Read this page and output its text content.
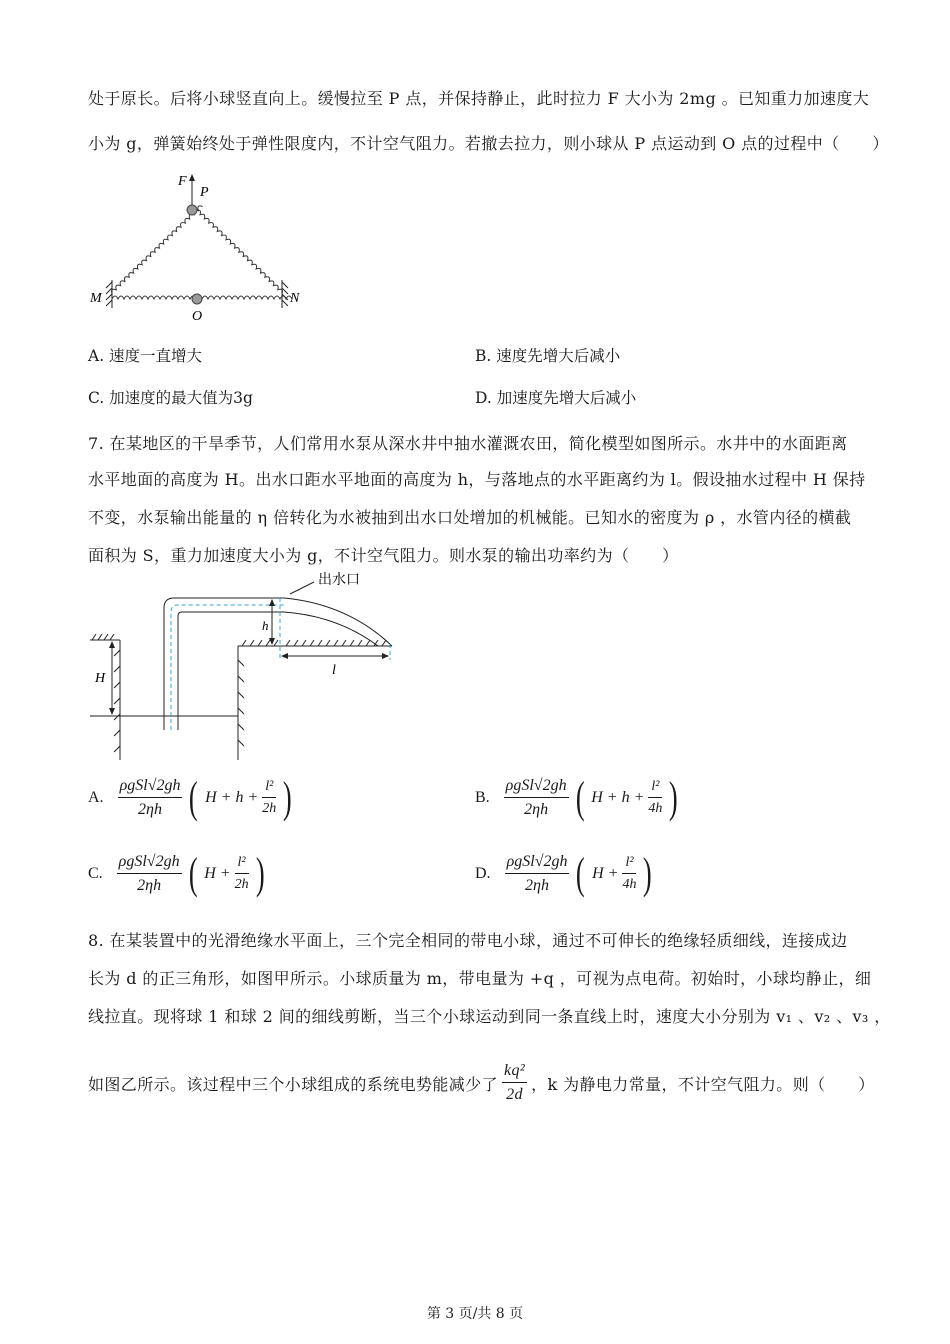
处于原长。后将小球竖直向上。缓慢拉至 P 点，并保持静止，此时拉力 F 大小为 2mg 。已知重力加速度大
小为 g，弹簧始终处于弹性限度内，不计空气阻力。若撤去拉力，则小球从 P 点运动到 O 点的过程中（　　）
F
P
M	N
O
A. 速度一直增大	B. 速度先增大后减小
C. 加速度的最大值为3g	D. 加速度先增大后减小
7. 在某地区的干旱季节，人们常用水泵从深水井中抽水灌溉农田，简化模型如图所示。水井中的水面距离
水平地面的高度为 H。出水口距水平地面的高度为 h，与落地点的水平距离约为 l。假设抽水过程中 H 保持
不变，水泵输出能量的 η 倍转化为水被抽到出水口处增加的机械能。已知水的密度为 ρ ，水管内径的横截
面积为 S，重力加速度大小为 g，不计空气阻力。则水泵的输出功率约为（　　）
H
h
l
出水口
A. $\frac{\text{ρgSl√2gh}}{2\eta h}$ ( $H + h + \frac{\text{l²}}{2h}$ )	B. $\frac{\text{ρgSl√2gh}}{2\eta h}$ ( $H + h + \frac{\text{l²}}{4h}$ )
C. $\frac{\text{ρgSl√2gh}}{2\eta h}$ ( $H + \frac{\text{l²}}{2h}$ )	D. $\frac{\text{ρgSl√2gh}}{2\eta h}$ ( $H + \frac{\text{l²}}{4h}$ )
8. 在某装置中的光滑绝缘水平面上，三个完全相同的带电小球，通过不可伸长的绝缘轻质细线，连接成边
长为 d 的正三角形，如图甲所示。小球质量为 m，带电量为 +q ，可视为点电荷。初始时，小球均静止，细
线拉直。现将球 1 和球 2 间的细线剪断，当三个小球运动到同一条直线上时，速度大小分别为 v₁ 、v₂ 、v₃ ，
如图乙所示。该过程中三个小球组成的系统电势能减少了 $\frac{\text{kq²}}{2d}$ ，k 为静电力常量，不计空气阻力。则（　　）
第 3 页/共 8 页
